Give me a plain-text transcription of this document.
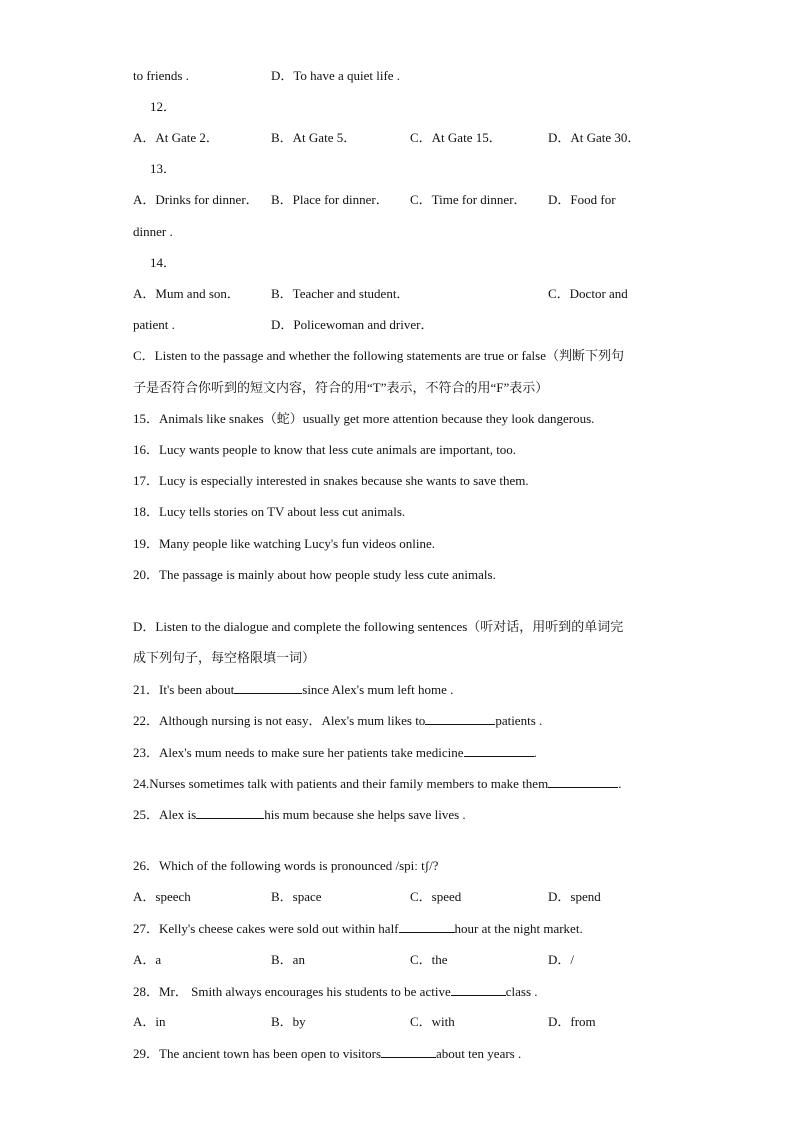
to friends .	D．To have a quiet life .
12．
A．At Gate 2．	B．At Gate 5．	C．At Gate 15．	D．At Gate 30．
13．
A．Drinks for dinner． B．Place for dinner． C．Time for dinner． D．Food for
dinner .
14．
A．Mum and son． B．Teacher and student．	C．Doctor and
patient .	D．Policewoman and driver．
C．Listen to the passage and whether the following statements are true or false（判断下列句
子是否符合你听到的短文内容，符合的用“T”表示，不符合的用“F”表示）
15．Animals like snakes（蛇）usually get more attention because they look dangerous.
16．Lucy wants people to know that less cute animals are important, too.
17．Lucy is especially interested in snakes because she wants to save them.
18．Lucy tells stories on TV about less cut animals.
19．Many people like watching Lucy's fun videos online.
20．The passage is mainly about how people study less cute animals.
D．Listen to the dialogue and complete the following sentences（听对话，用听到的单词完
成下列句子，每空格限填一词）
21．It's been about	since Alex's mum left home .
22．Although nursing is not easy．Alex's mum likes to	patients .
23．Alex's mum needs to make sure her patients take medicine	.
24.Nurses sometimes talk with patients and their family members to make them	.
25．Alex is	his mum because she helps save lives .
26．Which of the following words is pronounced /spiː tʃ/?
A．speech	B．space	C．speed	D．spend
27．Kelly's cheese cakes were sold out within half	hour at the night market.
A．a	B．an	C．the	D．/
28．Mr． Smith always encourages his students to be active	class .
A．in	B．by	C．with	D．from
29．The ancient town has been open to visitors	about ten years .
